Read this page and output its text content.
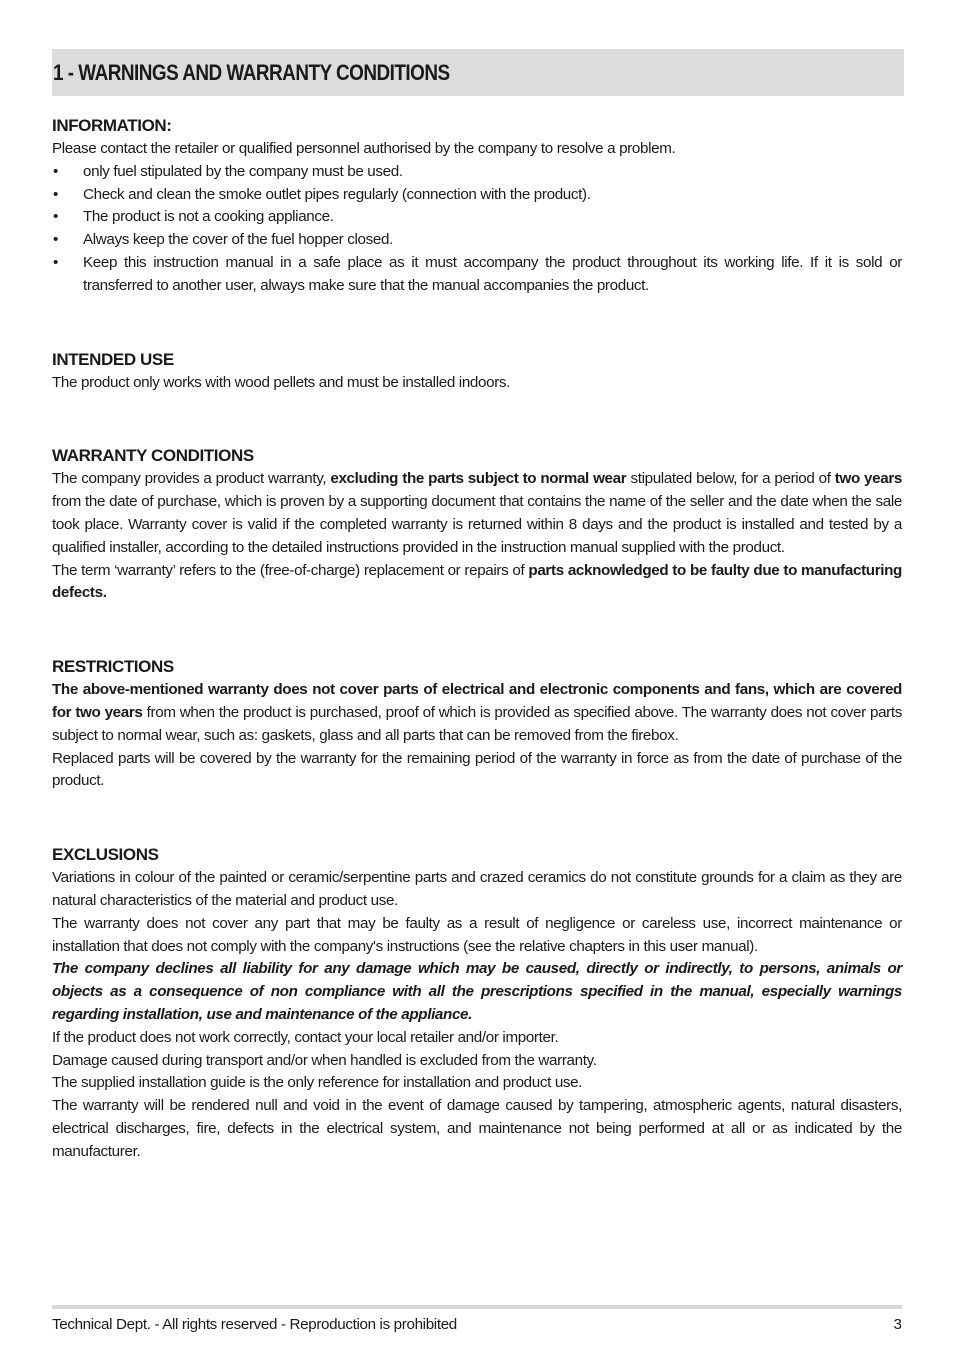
1 - WARNINGS AND WARRANTY CONDITIONS
INFORMATION:

Please contact the retailer or qualified personnel authorised by the company to resolve a problem.

• only fuel stipulated by the company must be used.
• Check and clean the smoke outlet pipes regularly (connection with the product).
• The product is not a cooking appliance.
• Always keep the cover of the fuel hopper closed.
• Keep this instruction manual in a safe place as it must accompany the product throughout its working life. If it is sold or transferred to another user, always make sure that the manual accompanies the product.
INTENDED USE

The product only works with wood pellets and must be installed indoors.

WARRANTY CONDITIONS

The company provides a product warranty, excluding the parts subject to normal wear stipulated below, for a period of two years from the date of purchase, which is proven by a supporting document that contains the name of the seller and the date when the sale took place. Warranty cover is valid if the completed warranty is returned within 8 days and the product is installed and tested by a qualified installer, according to the detailed instructions provided in the instruction manual supplied with the product.

The term ‘warranty’ refers to the (free-of-charge) replacement or repairs of parts acknowledged to be faulty due to manufacturing defects.

RESTRICTIONS

The above-mentioned warranty does not cover parts of electrical and electronic components and fans, which are covered for two years from when the product is purchased, proof of which is provided as specified above. The warranty does not cover parts subject to normal wear, such as: gaskets, glass and all parts that can be removed from the firebox.

Replaced parts will be covered by the warranty for the remaining period of the warranty in force as from the date of purchase of the product.

EXCLUSIONS

Variations in colour of the painted or ceramic/serpentine parts and crazed ceramics do not constitute grounds for a claim as they are natural characteristics of the material and product use.

The warranty does not cover any part that may be faulty as a result of negligence or careless use, incorrect maintenance or installation that does not comply with the company's instructions (see the relative chapters in this user manual).

The company declines all liability for any damage which may be caused, directly or indirectly, to persons, animals or objects as a consequence of non compliance with all the prescriptions specified in the manual, especially warnings regarding installation, use and maintenance of the appliance.

If the product does not work correctly, contact your local retailer and/or importer.

Damage caused during transport and/or when handled is excluded from the warranty.

The supplied installation guide is the only reference for installation and product use.

The warranty will be rendered null and void in the event of damage caused by tampering, atmospheric agents, natural disasters, electrical discharges, fire, defects in the electrical system, and maintenance not being performed at all or as indicated by the manufacturer.

Technical Dept. - All rights reserved - Reproduction is prohibited	3
